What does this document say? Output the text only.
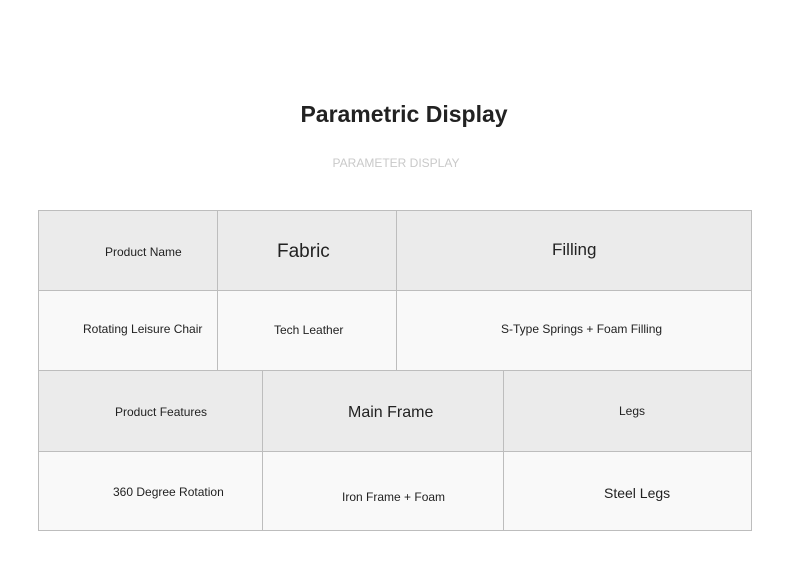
Parametric Display
PARAMETER DISPLAY
Product Name	Fabric	Filling
Rotating Leisure Chair	Tech Leather	S-Type Springs + Foam Filling
Product Features	Main Frame	Legs
360 Degree Rotation	Iron Frame + Foam	Steel Legs
